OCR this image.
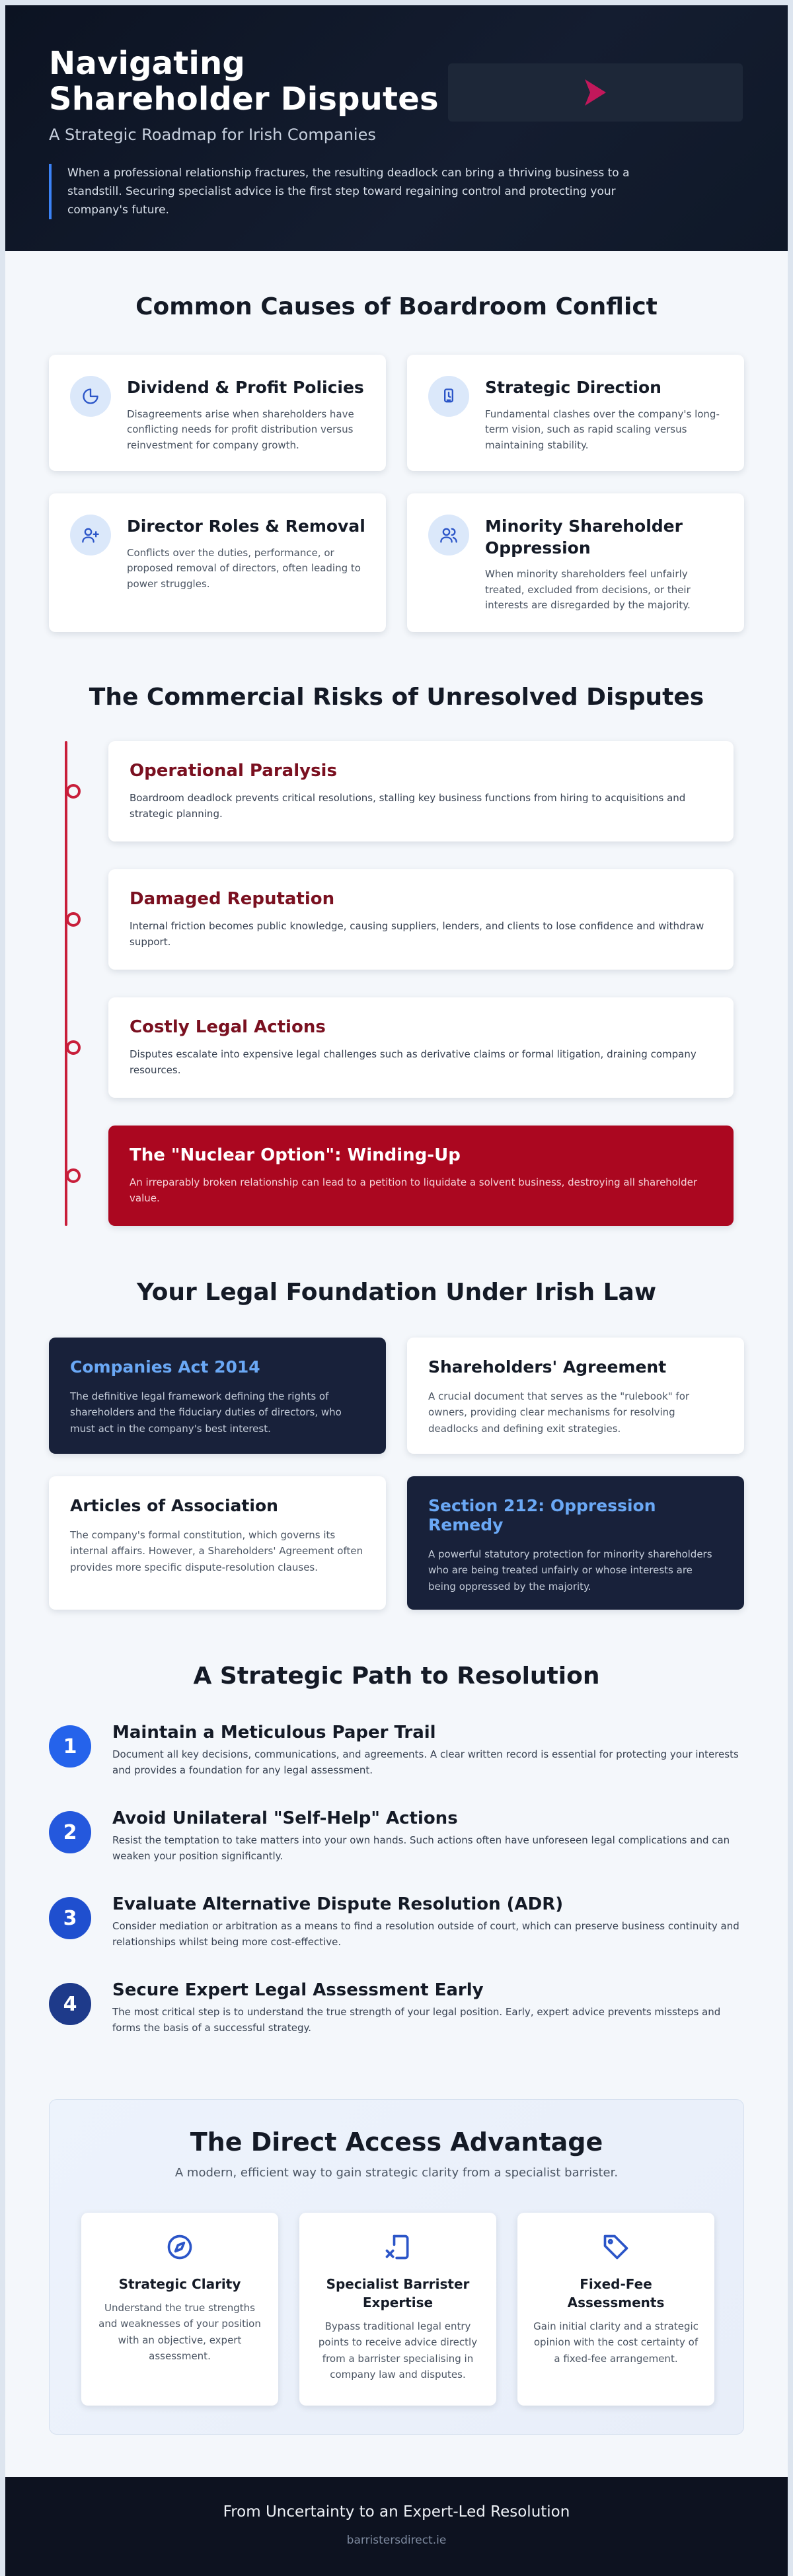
Navigating Shareholder Disputes
A Strategic Roadmap for Irish Companies

When a professional relationship fractures, the resulting deadlock can bring a thriving business to a standstill. Securing specialist advice is the first step toward regaining control and protecting your company's future.

Common Causes of Boardroom Conflict
Dividend & Profit Policies

Disagreements arise when shareholders have conflicting needs for profit distribution versus reinvestment for company growth.

Strategic Direction

Fundamental clashes over the company's long-term vision, such as rapid scaling versus maintaining stability.

Director Roles & Removal

Conflicts over the duties, performance, or proposed removal of directors, often leading to power struggles.

Minority Shareholder Oppression

When minority shareholders feel unfairly treated, excluded from decisions, or their interests are disregarded by the majority.

The Commercial Risks of Unresolved Disputes
Operational Paralysis

Boardroom deadlock prevents critical resolutions, stalling key business functions from hiring to acquisitions and strategic planning.

Damaged Reputation

Internal friction becomes public knowledge, causing suppliers, lenders, and clients to lose confidence and withdraw support.

Costly Legal Actions

Disputes escalate into expensive legal challenges such as derivative claims or formal litigation, draining company resources.

The "Nuclear Option": Winding-Up

An irreparably broken relationship can lead to a petition to liquidate a solvent business, destroying all shareholder value.

Your Legal Foundation Under Irish Law
Companies Act 2014

The definitive legal framework defining the rights of shareholders and the fiduciary duties of directors, who must act in the company's best interest.

Shareholders' Agreement

A crucial document that serves as the "rulebook" for owners, providing clear mechanisms for resolving deadlocks and defining exit strategies.

Articles of Association

The company's formal constitution, which governs its internal affairs. However, a Shareholders' Agreement often provides more specific dispute-resolution clauses.

Section 212: Oppression Remedy

A powerful statutory protection for minority shareholders who are being treated unfairly or whose interests are being oppressed by the majority.

A Strategic Path to Resolution
1
Maintain a Meticulous Paper Trail

Document all key decisions, communications, and agreements. A clear written record is essential for protecting your interests and provides a foundation for any legal assessment.

2
Avoid Unilateral "Self-Help" Actions

Resist the temptation to take matters into your own hands. Such actions often have unforeseen legal complications and can weaken your position significantly.

3
Evaluate Alternative Dispute Resolution (ADR)

Consider mediation or arbitration as a means to find a resolution outside of court, which can preserve business continuity and relationships whilst being more cost-effective.

4
Secure Expert Legal Assessment Early

The most critical step is to understand the true strength of your legal position. Early, expert advice prevents missteps and forms the basis of a successful strategy.

The Direct Access Advantage

A modern, efficient way to gain strategic clarity from a specialist barrister.

Strategic Clarity

Understand the true strengths and weaknesses of your position with an objective, expert assessment.

Specialist Barrister Expertise

Bypass traditional legal entry points to receive advice directly from a barrister specialising in company law and disputes.

Fixed-Fee Assessments

Gain initial clarity and a strategic opinion with the cost certainty of a fixed-fee arrangement.

From Uncertainty to an Expert-Led Resolution
barristersdirect.ie
